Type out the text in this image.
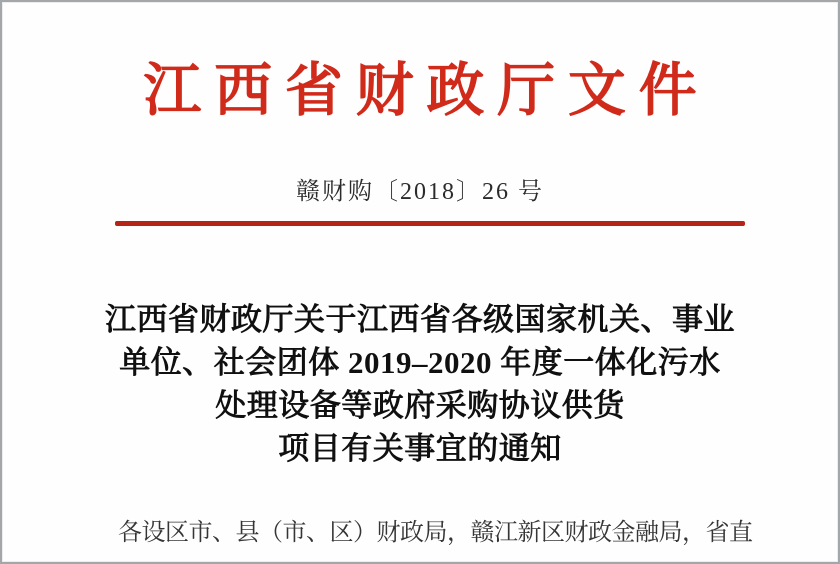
江西省财政厅文件
赣财购〔2018〕26 号
江西省财政厅关于江西省各级国家机关、事业
单位、社会团体 2019–2020 年度一体化污水
处理设备等政府采购协议供货
项目有关事宜的通知
各设区市、县（市、区）财政局，赣江新区财政金融局，省直
